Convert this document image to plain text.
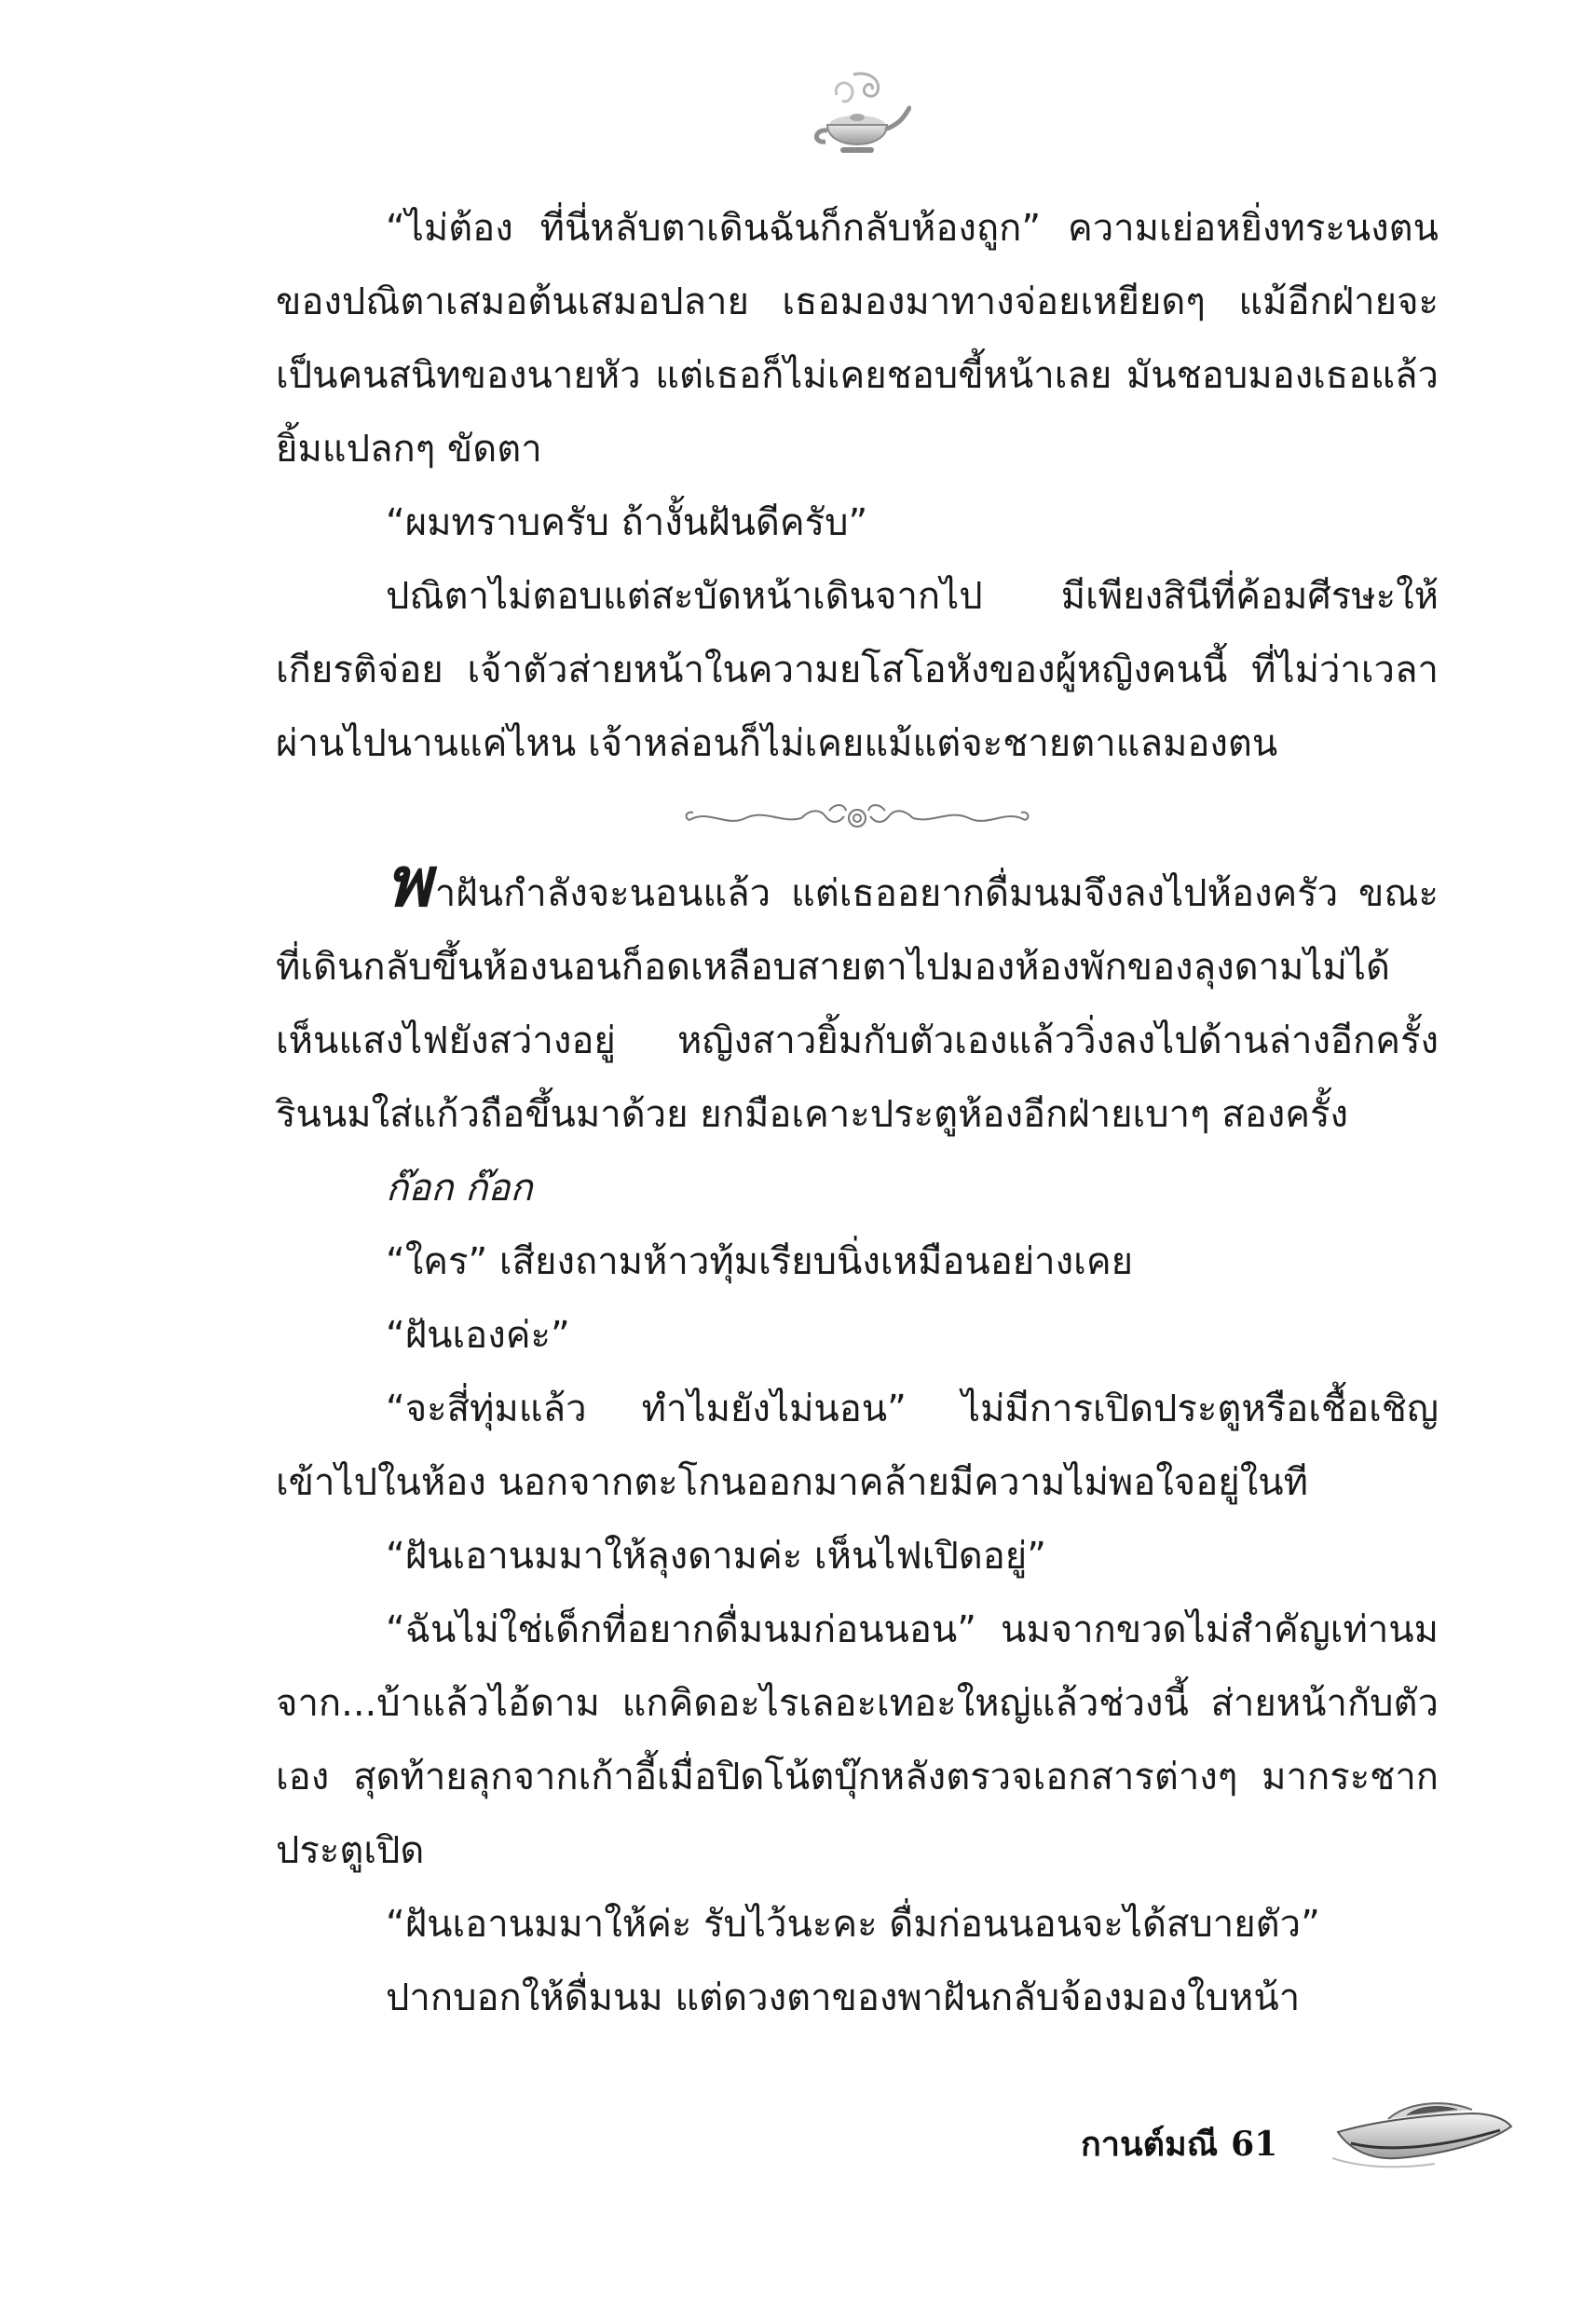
“ไม่ต้อง ที่นี่หลับตาเดินฉันก็กลับห้องถูก” ความเย่อหยิ่งทระนงตนของปณิตาเสมอต้นเสมอปลาย เธอมองมาทางจ่อยเหยียดๆ แม้อีกฝ่ายจะเป็นคนสนิทของนายหัว แต่เธอก็ไม่เคยชอบขี้หน้าเลย มันชอบมองเธอแล้วยิ้มแปลกๆ ขัดตา

“ผมทราบครับ ถ้างั้นฝันดีครับ”

ปณิตาไม่ตอบแต่สะบัดหน้าเดินจากไป มีเพียงสินีที่ค้อมศีรษะให้เกียรติจ่อย เจ้าตัวส่ายหน้าในความยโสโอหังของผู้หญิงคนนี้ ที่ไม่ว่าเวลาผ่านไปนานแค่ไหน เจ้าหล่อนก็ไม่เคยแม้แต่จะชายตาแลมองตน

พาฝันกำลังจะนอนแล้ว แต่เธออยากดื่มนมจึงลงไปห้องครัว ขณะที่เดินกลับขึ้นห้องนอนก็อดเหลือบสายตาไปมองห้องพักของลุงดามไม่ได้ เห็นแสงไฟยังสว่างอยู่ หญิงสาวยิ้มกับตัวเองแล้ววิ่งลงไปด้านล่างอีกครั้ง รินนมใส่แก้วถือขึ้นมาด้วย ยกมือเคาะประตูห้องอีกฝ่ายเบาๆ สองครั้ง

ก๊อก ก๊อก

“ใคร” เสียงถามห้าวทุ้มเรียบนิ่งเหมือนอย่างเคย

“ฝันเองค่ะ”

“จะสี่ทุ่มแล้ว ทำไมยังไม่นอน” ไม่มีการเปิดประตูหรือเชื้อเชิญเข้าไปในห้อง นอกจากตะโกนออกมาคล้ายมีความไม่พอใจอยู่ในที

“ฝันเอานมมาให้ลุงดามค่ะ เห็นไฟเปิดอยู่”

“ฉันไม่ใช่เด็กที่อยากดื่มนมก่อนนอน” นมจากขวดไม่สำคัญเท่านมจาก...บ้าแล้วไอ้ดาม แกคิดอะไรเลอะเทอะใหญ่แล้วช่วงนี้ ส่ายหน้ากับตัวเอง สุดท้ายลุกจากเก้าอี้เมื่อปิดโน้ตบุ๊กหลังตรวจเอกสารต่างๆ มากระชากประตูเปิด

“ฝันเอานมมาให้ค่ะ รับไว้นะคะ ดื่มก่อนนอนจะได้สบายตัว”

ปากบอกให้ดื่มนม แต่ดวงตาของพาฝันกลับจ้องมองใบหน้า

กานต์มณี 61
